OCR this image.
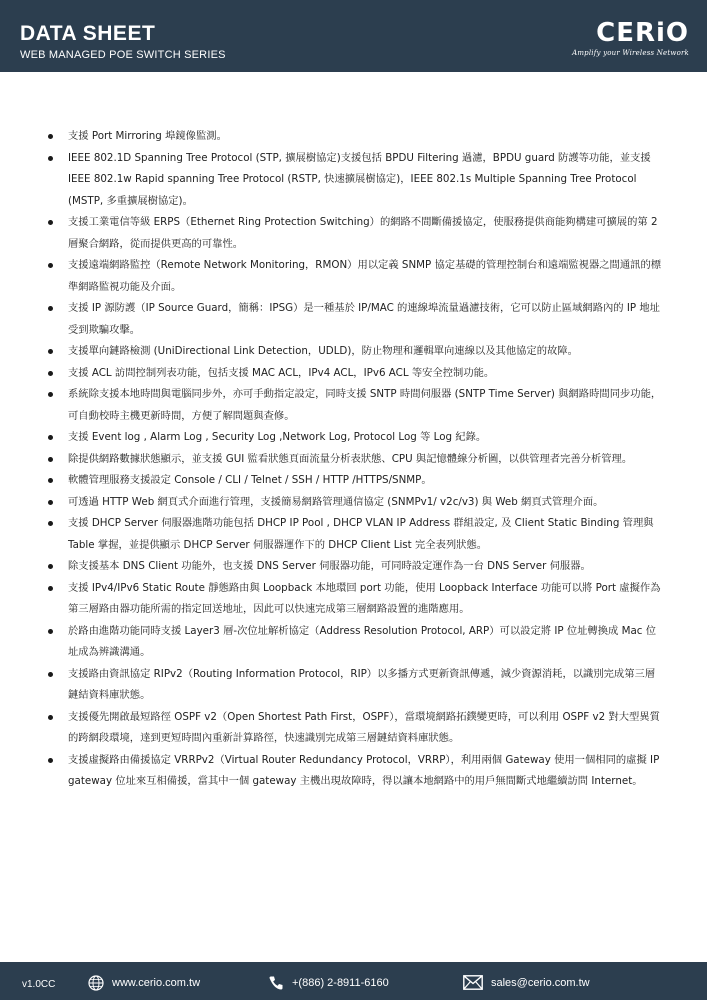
DATA SHEET
WEB MANAGED POE SWITCH SERIES
CERiO
Amplify your Wireless Network
支援 Port Mirroring 埠鏡像監測。
IEEE 802.1D Spanning Tree Protocol (STP, 擴展樹協定)支援包括 BPDU Filtering 過濾，BPDU guard 防護等功能，並支援 IEEE 802.1w Rapid spanning Tree Protocol (RSTP, 快速擴展樹協定)，IEEE 802.1s Multiple Spanning Tree Protocol (MSTP, 多重擴展樹協定)。
支援工業電信等級 ERPS（Ethernet Ring Protection Switching）的網路不間斷備援協定，使服務提供商能夠構建可擴展的第 2 層聚合網路，從而提供更高的可靠性。
支援遠端網路監控（Remote Network Monitoring，RMON）用以定義 SNMP 協定基礎的管理控制台和遠端監視器之間通訊的標準網路監視功能及介面。
支援 IP 源防護（IP Source Guard，簡稱：IPSG）是一種基於 IP/MAC 的連線埠流量過濾技術，它可以防止區域網路內的 IP 地址受到欺騙攻擊。
支援單向鏈路檢測 (UniDirectional Link Detection，UDLD)，防止物理和邏輯單向連線以及其他協定的故障。
支援 ACL 訪問控制列表功能，包括支援 MAC ACL，IPv4 ACL，IPv6 ACL 等安全控制功能。
系統除支援本地時間與電腦同步外，亦可手動指定設定，同時支援 SNTP 時間伺服器 (SNTP Time Server) 與網路時間同步功能，可自動校時主機更新時間，方便了解問題與查修。
支援 Event log , Alarm Log , Security Log ,Network Log, Protocol Log 等 Log 紀錄。
除提供網路數據狀態顯示，並支援 GUI 監看狀態頁面流量分析表狀態、CPU 與記憶體線分析圖，以供管理者完善分析管理。
軟體管理服務支援設定 Console / CLI / Telnet / SSH / HTTP /HTTPS/SNMP。
可透過 HTTP Web 網頁式介面進行管理，支援簡易網路管理通信協定 (SNMPv1/ v2c/v3) 與 Web 網頁式管理介面。
支援 DHCP Server 伺服器進階功能包括 DHCP IP Pool , DHCP VLAN IP Address 群組設定, 及 Client Static Binding 管理與 Table 掌握，並提供顯示 DHCP Server 伺服器運作下的 DHCP Client List 完全表列狀態。
除支援基本 DNS Client 功能外，也支援 DNS Server 伺服器功能，可同時設定運作為一台 DNS Server 伺服器。
支援 IPv4/IPv6 Static Route 靜態路由與 Loopback 本地環回 port 功能，使用 Loopback Interface 功能可以將 Port 虛擬作為第三層路由器功能所需的指定回送地址，因此可以快速完成第三層網路設置的進階應用。
於路由進階功能同時支援 Layer3 層-次位址解析協定（Address Resolution Protocol, ARP）可以設定將 IP 位址轉換成 Mac 位址成為辨識溝通。
支援路由資訊協定 RIPv2（Routing Information Protocol，RIP）以多播方式更新資訊傳遞，減少資源消耗，以識別完成第三層鏈結資料庫狀態。
支援優先開啟最短路徑 OSPF v2（Open Shortest Path First，OSPF），當環境網路拓鏷變更時，可以利用 OSPF v2 對大型異質的跨網段環境，達到更短時間內重新計算路徑，快速識別完成第三層鏈結資料庫狀態。
支援虛擬路由備援協定 VRRPv2（Virtual Router Redundancy Protocol，VRRP），利用兩個 Gateway 使用一個相同的虛擬 IP gateway 位址來互相備援，當其中一個 gateway 主機出現故障時，得以讓本地網路中的用戶無間斷式地繼續訪問 Internet。
v1.0CC	www.cerio.com.tw	+(886) 2-8911-6160	sales@cerio.com.tw
